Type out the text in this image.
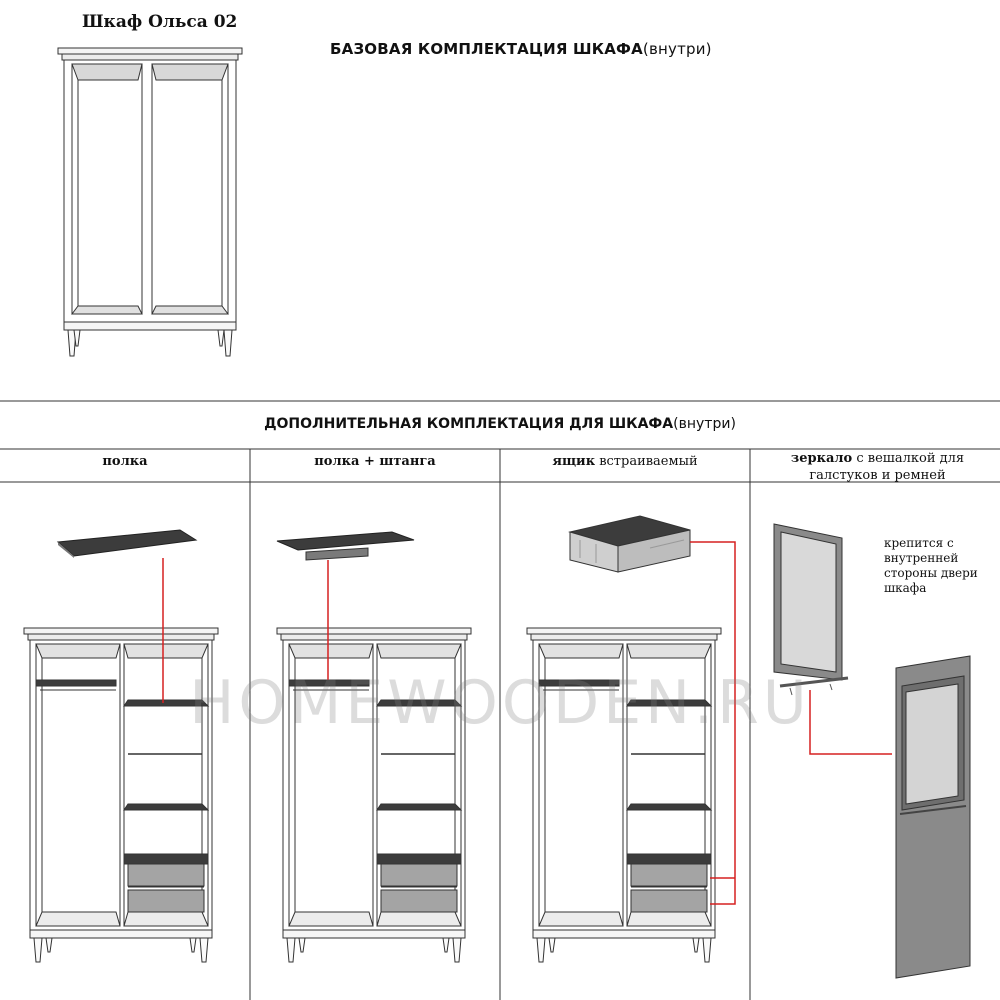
Шкаф Ольса 02
БАЗОВАЯ КОМПЛЕКТАЦИЯ ШКАФА(внутри)
ДОПОЛНИТЕЛЬНАЯ КОМПЛЕКТАЦИЯ ДЛЯ ШКАФА(внутри)
полка	полка + штанга	ящик встраиваемый	зеркало с вешалкой для галстуков и ремней
крепится с внутренней стороны двери шкафа
HOMEWOODEN.RU
